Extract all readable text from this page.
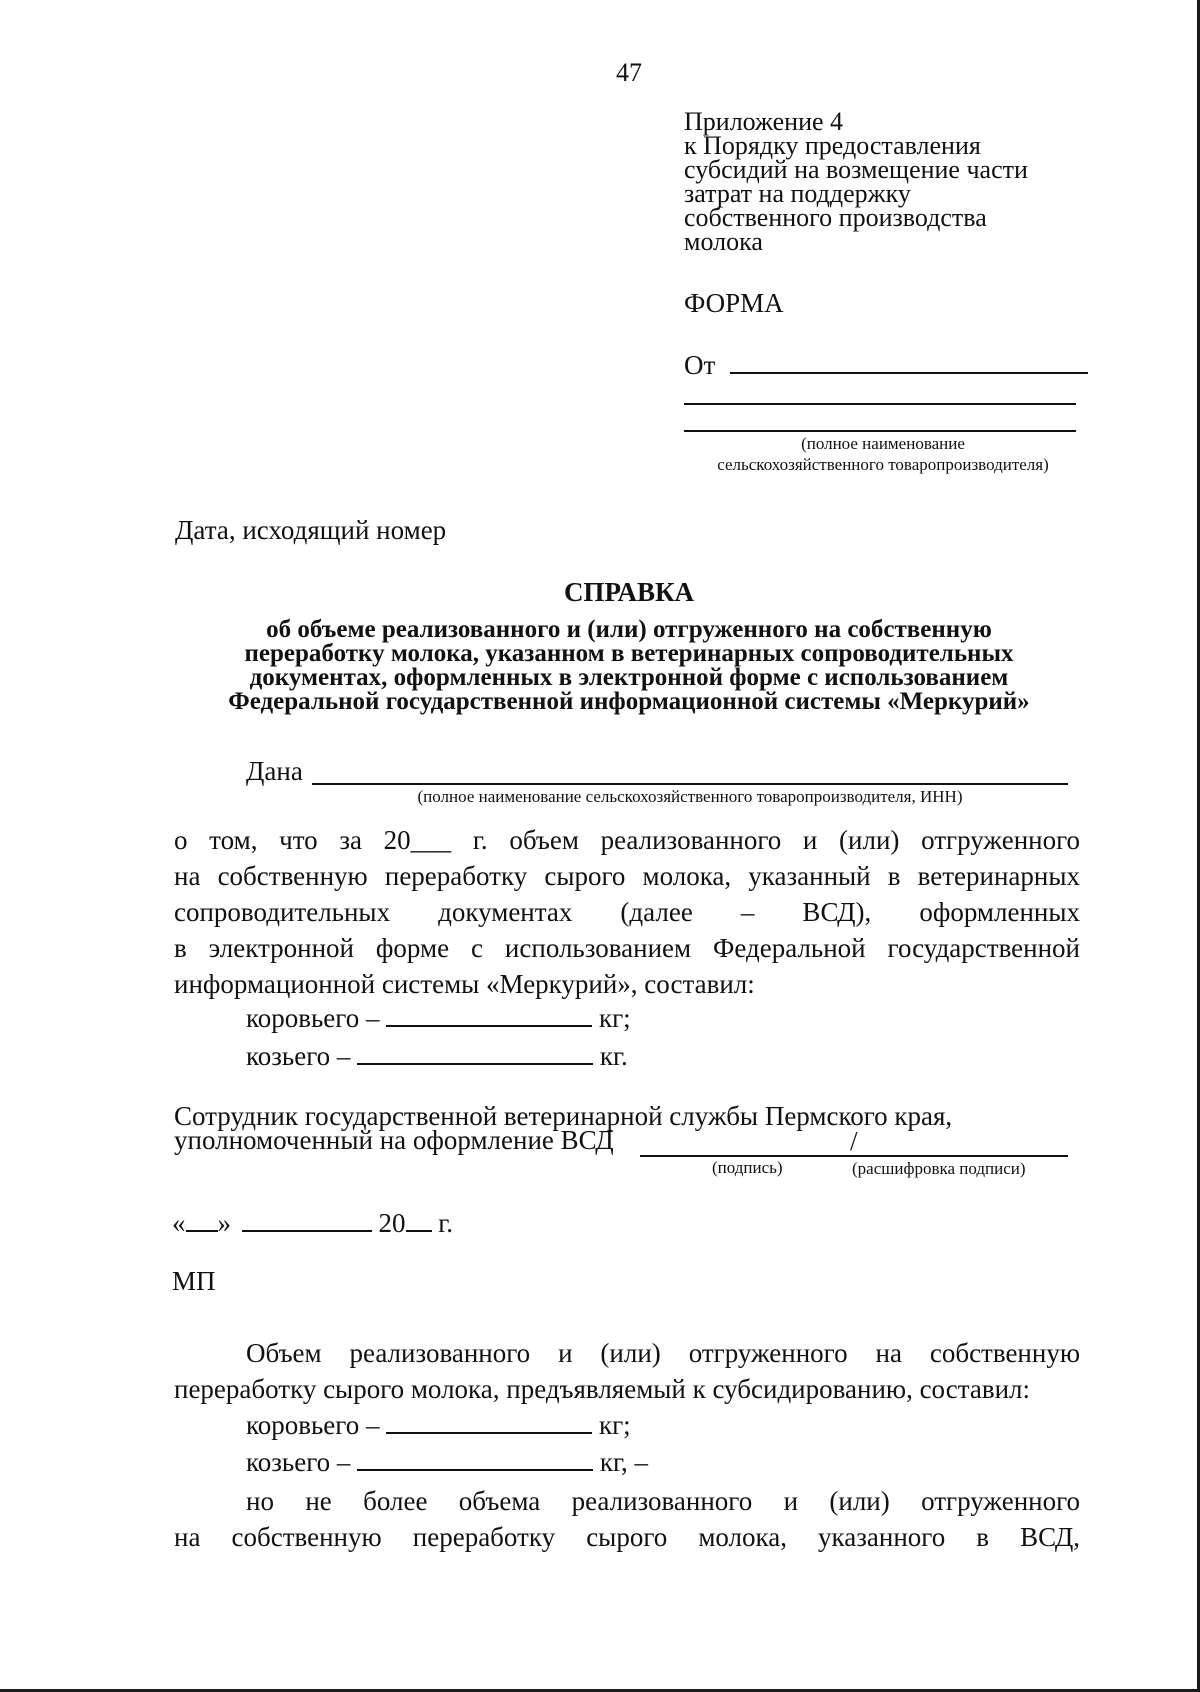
47
Приложение 4
к Порядку предоставления
субсидий на возмещение части
затрат на поддержку
собственного производства
молока
ФОРМА
От
(полное наименование
сельскохозяйственного товаропроизводителя)
Дата, исходящий номер
СПРАВКА
об объеме реализованного и (или) отгруженного на собственную
переработку молока, указанном в ветеринарных сопроводительных
документах, оформленных в электронной форме с использованием
Федеральной государственной информационной системы «Меркурий»
Дана
(полное наименование сельскохозяйственного товаропроизводителя, ИНН)
о том, что за 20___ г. объем реализованного и (или) отгруженного
на собственную переработку сырого молока, указанный в ветеринарных
сопроводительных документах (далее – ВСД), оформленных
в электронной форме с использованием Федеральной государственной
информационной системы «Меркурий», составил:
коровьего –	кг;
козьего –	кг.
Сотрудник государственной ветеринарной службы Пермского края,
уполномоченный на оформление ВСД	/
(подпись)	(расшифровка подписи)
« »	20 г.
МП
Объем реализованного и (или) отгруженного на собственную
переработку сырого молока, предъявляемый к субсидированию, составил:
коровьего –	кг;
козьего –	кг, –
но не более объема реализованного и (или) отгруженного
на собственную переработку сырого молока, указанного в ВСД,
